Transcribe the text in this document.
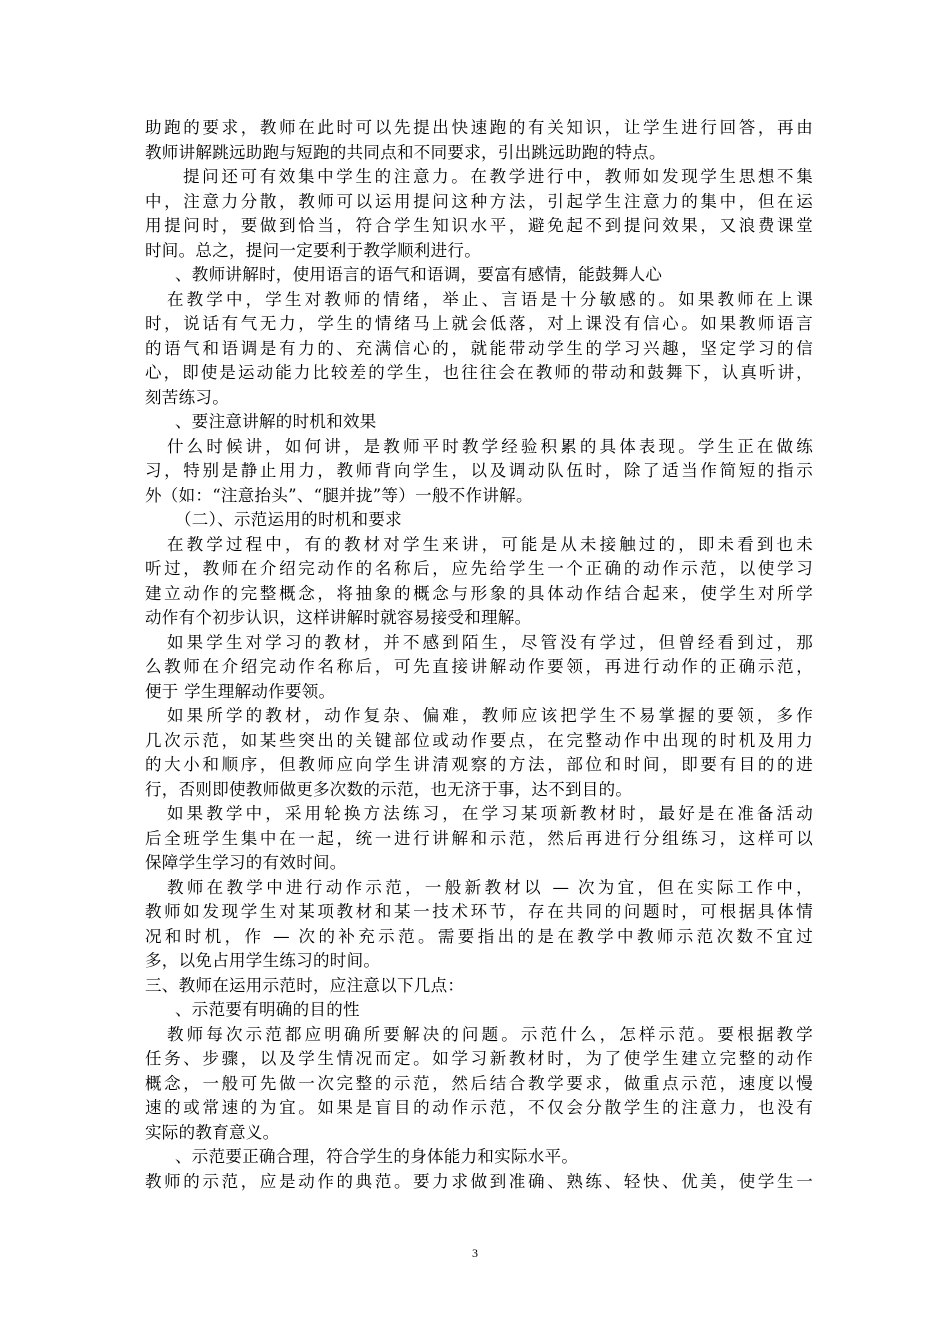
助跑的要求，教师在此时可以先提出快速跑的有关知识，让学生进行回答，再由
教师讲解跳远助跑与短跑的共同点和不同要求，引出跳远助跑的特点。
提问还可有效集中学生的注意力。在教学进行中，教师如发现学生思想不集
中，注意力分散，教师可以运用提问这种方法，引起学生注意力的集中，但在运
用提问时，要做到恰当，符合学生知识水平，避免起不到提问效果，又浪费课堂
时间。总之，提问一定要利于教学顺利进行。
、教师讲解时，使用语言的语气和语调，要富有感情，能鼓舞人心
在教学中，学生对教师的情绪，举止、言语是十分敏感的。如果教师在上课
时，说话有气无力，学生的情绪马上就会低落，对上课没有信心。如果教师语言
的语气和语调是有力的、充满信心的，就能带动学生的学习兴趣，坚定学习的信
心，即使是运动能力比较差的学生，也往往会在教师的带动和鼓舞下，认真听讲，
刻苦练习。
、要注意讲解的时机和效果
什么时候讲，如何讲，是教师平时教学经验积累的具体表现。学生正在做练
习，特别是静止用力，教师背向学生，以及调动队伍时，除了适当作简短的指示
外（如：“注意抬头”、“腿并拢”等）一般不作讲解。
（二）、示范运用的时机和要求
在教学过程中，有的教材对学生来讲，可能是从未接触过的，即未看到也未
听过，教师在介绍完动作的名称后，应先给学生一个正确的动作示范，以使学习
建立动作的完整概念，将抽象的概念与形象的具体动作结合起来，使学生对所学
动作有个初步认识，这样讲解时就容易接受和理解。
如果学生对学习的教材，并不感到陌生，尽管没有学过，但曾经看到过，那
么教师在介绍完动作名称后，可先直接讲解动作要领，再进行动作的正确示范，
便于 学生理解动作要领。
如果所学的教材，动作复杂、偏难，教师应该把学生不易掌握的要领，多作
几次示范，如某些突出的关键部位或动作要点，在完整动作中出现的时机及用力
的大小和顺序，但教师应向学生讲清观察的方法，部位和时间，即要有目的的进
行，否则即使教师做更多次数的示范，也无济于事，达不到目的。
如果教学中，采用轮换方法练习，在学习某项新教材时，最好是在准备活动
后全班学生集中在一起，统一进行讲解和示范，然后再进行分组练习，这样可以
保障学生学习的有效时间。
教师在教学中进行动作示范，一般新教材以 — 次为宜，但在实际工作中，
教师如发现学生对某项教材和某一技术环节，存在共同的问题时，可根据具体情
况和时机，作 — 次的补充示范。需要指出的是在教学中教师示范次数不宜过
多，以免占用学生练习的时间。
三、教师在运用示范时，应注意以下几点：
、示范要有明确的目的性
教师每次示范都应明确所要解决的问题。示范什么，怎样示范。要根据教学
任务、步骤，以及学生情况而定。如学习新教材时，为了使学生建立完整的动作
概念，一般可先做一次完整的示范，然后结合教学要求，做重点示范，速度以慢
速的或常速的为宜。如果是盲目的动作示范，不仅会分散学生的注意力，也没有
实际的教育意义。
、示范要正确合理，符合学生的身体能力和实际水平。
教师的示范，应是动作的典范。要力求做到准确、熟练、轻快、优美，使学生一
3
